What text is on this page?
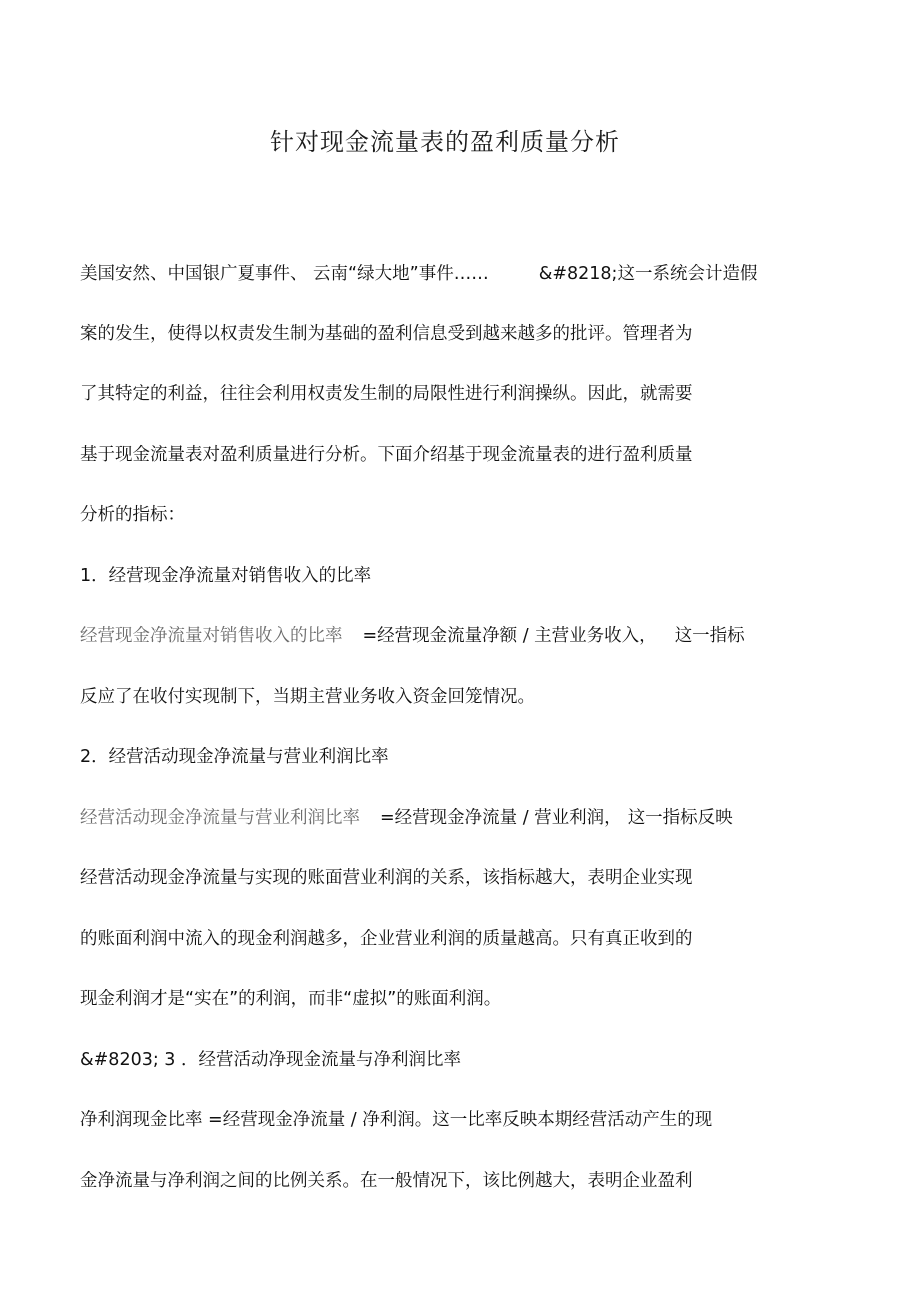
针对现金流量表的盈利质量分析
美国安然、中国银广夏事件、 云南“绿大地”事件……	&#8218;这一系统会计造假
案的发生，使得以权责发生制为基础的盈利信息受到越来越多的批评。管理者为
了其特定的利益，往往会利用权责发生制的局限性进行利润操纵。因此，就需要
基于现金流量表对盈利质量进行分析。下面介绍基于现金流量表的进行盈利质量
分析的指标：
1．经营现金净流量对销售收入的比率
经营现金净流量对销售收入的比率 =经营现金流量净额 / 主营业务收入， 这一指标
反应了在收付实现制下，当期主营业务收入资金回笼情况。
2．经营活动现金净流量与营业利润比率
经营活动现金净流量与营业利润比率 =经营现金净流量 / 营业利润， 这一指标反映
经营活动现金净流量与实现的账面营业利润的关系，该指标越大，表明企业实现
的账面利润中流入的现金利润越多，企业营业利润的质量越高。只有真正收到的
现金利润才是“实在”的利润，而非“虚拟”的账面利润。
&#8203; 3 ．经营活动净现金流量与净利润比率
净利润现金比率 =经营现金净流量 / 净利润。这一比率反映本期经营活动产生的现
金净流量与净利润之间的比例关系。在一般情况下，该比例越大，表明企业盈利
